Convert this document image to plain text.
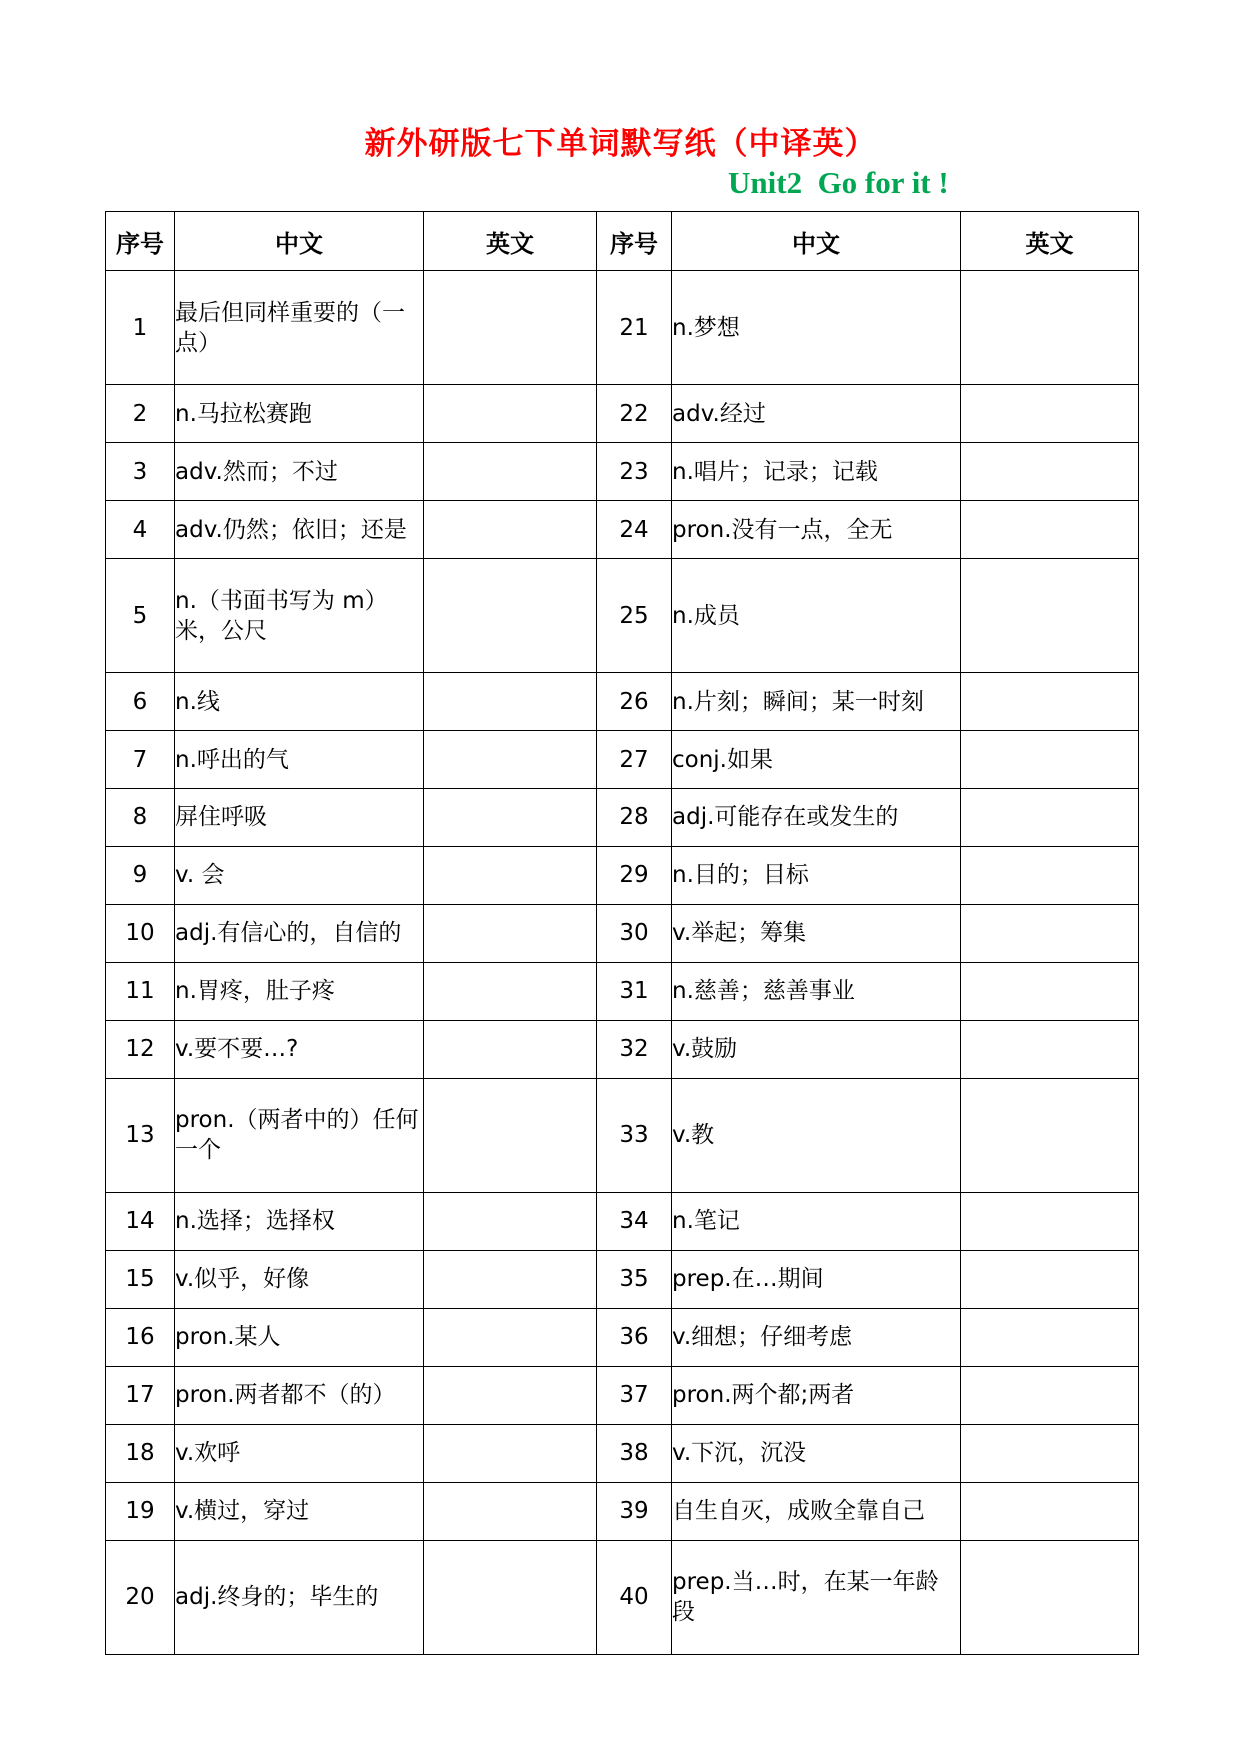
新外研版七下单词默写纸（中译英）
Unit2  Go for it !
序号	中文	英文	序号	中文	英文
1	最后但同样重要的（一 点）		21	n.梦想	
2	n.马拉松赛跑		22	adv.经过	
3	adv.然而；不过		23	n.唱片；记录；记载	
4	adv.仍然；依旧；还是		24	pron.没有一点，全无	
5	n.（书面书写为 m）米，公尺		25	n.成员	
6	n.线		26	n.片刻；瞬间；某一时刻	
7	n.呼出的气		27	conj.如果	
8	屏住呼吸		28	adj.可能存在或发生的	
9	v. 会		29	n.目的；目标	
10	adj.有信心的，自信的		30	v.举起；筹集	
11	n.胃疼，肚子疼		31	n.慈善；慈善事业	
12	v.要不要…?		32	v.鼓励	
13	pron.（两者中的）任何一个		33	v.教	
14	n.选择；选择权		34	n.笔记	
15	v.似乎，好像		35	prep.在…期间	
16	pron.某人		36	v.细想；仔细考虑	
17	pron.两者都不（的）		37	pron.两个都;两者	
18	v.欢呼		38	v.下沉，沉没	
19	v.横过，穿过		39	自生自灭，成败全靠自己	
20	adj.终身的；毕生的		40	prep.当…时，在某一年龄段	
